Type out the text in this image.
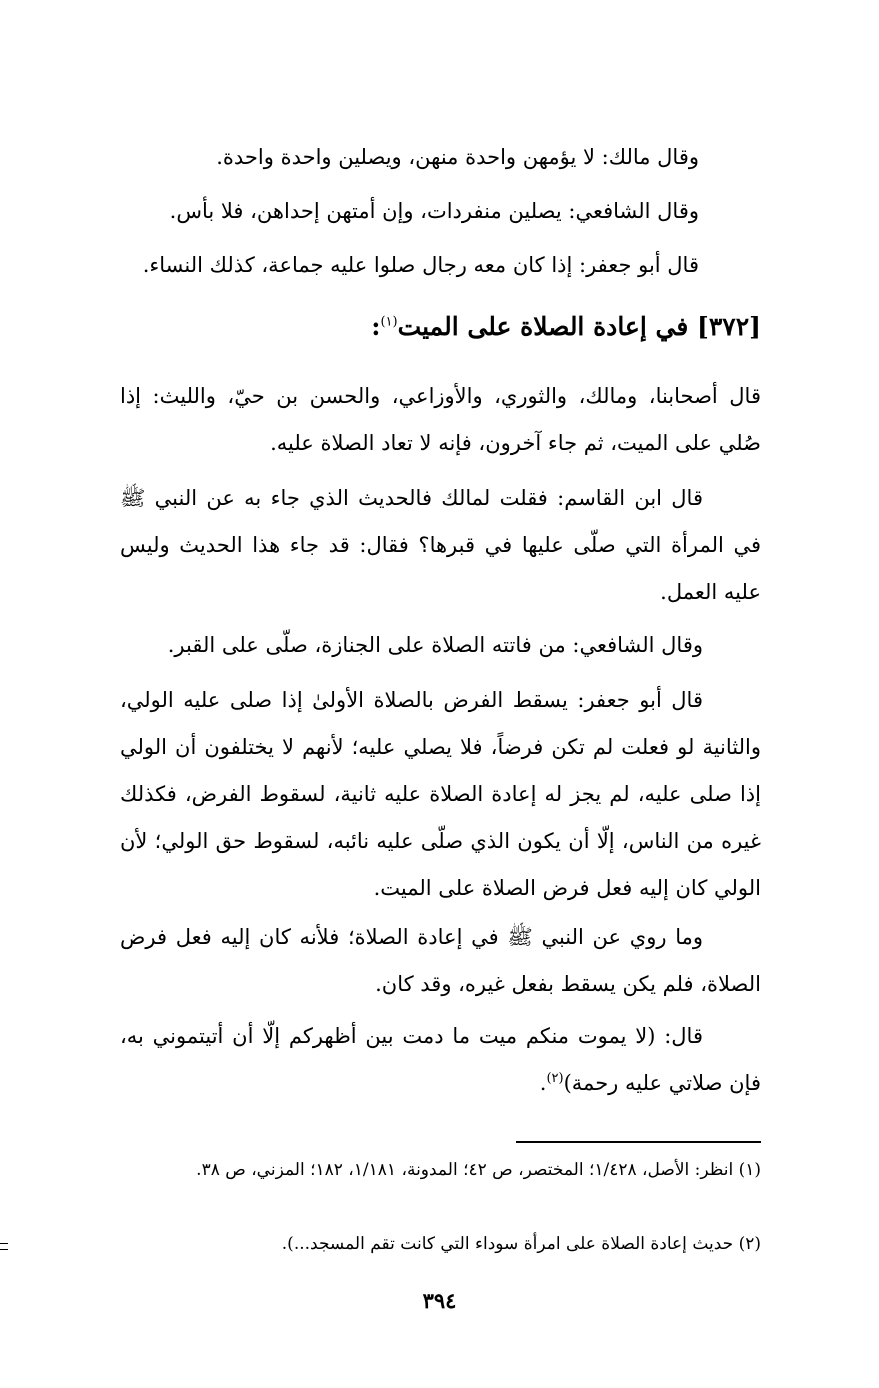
وقال مالك: لا يؤمهن واحدة منهن، ويصلين واحدة واحدة.
وقال الشافعي: يصلين منفردات، وإن أمتهن إحداهن، فلا بأس.
قال أبو جعفر: إذا كان معه رجال صلوا عليه جماعة، كذلك النساء.
[٣٧٢] في إعادة الصلاة على الميت$^{(١)}$:
قال أصحابنا، ومالك، والثوري، والأوزاعي، والحسن بن حيّ، والليث: إذا صُلي على الميت، ثم جاء آخرون، فإنه لا تعاد الصلاة عليه.
قال ابن القاسم: فقلت لمالك فالحديث الذي جاء به عن النبي ﷺ في المرأة التي صلّى عليها في قبرها؟ فقال: قد جاء هذا الحديث وليس عليه العمل.
وقال الشافعي: من فاتته الصلاة على الجنازة، صلّى على القبر.
قال أبو جعفر: يسقط الفرض بالصلاة الأولىٰ إذا صلى عليه الولي، والثانية لو فعلت لم تكن فرضاً، فلا يصلي عليه؛ لأنهم لا يختلفون أن الولي إذا صلى عليه، لم يجز له إعادة الصلاة عليه ثانية، لسقوط الفرض، فكذلك غيره من الناس، إلّا أن يكون الذي صلّى عليه نائبه، لسقوط حق الولي؛ لأن الولي كان إليه فعل فرض الصلاة على الميت.
وما روي عن النبي ﷺ في إعادة الصلاة؛ فلأنه كان إليه فعل فرض الصلاة، فلم يكن يسقط بفعل غيره، وقد كان.
قال: (لا يموت منكم ميت ما دمت بين أظهركم إلّا أن أتيتموني به، فإن صلاتي عليه رحمة)$^{(٢)}$.
(١) انظر: الأصل، ١/٤٢٨؛ المختصر، ص ٤٢؛ المدونة، ١/١٨١، ١٨٢؛ المزني، ص ٣٨.
(٢) حديث إعادة الصلاة على امرأة سوداء التي كانت تقم المسجد...).
٣٩٤
